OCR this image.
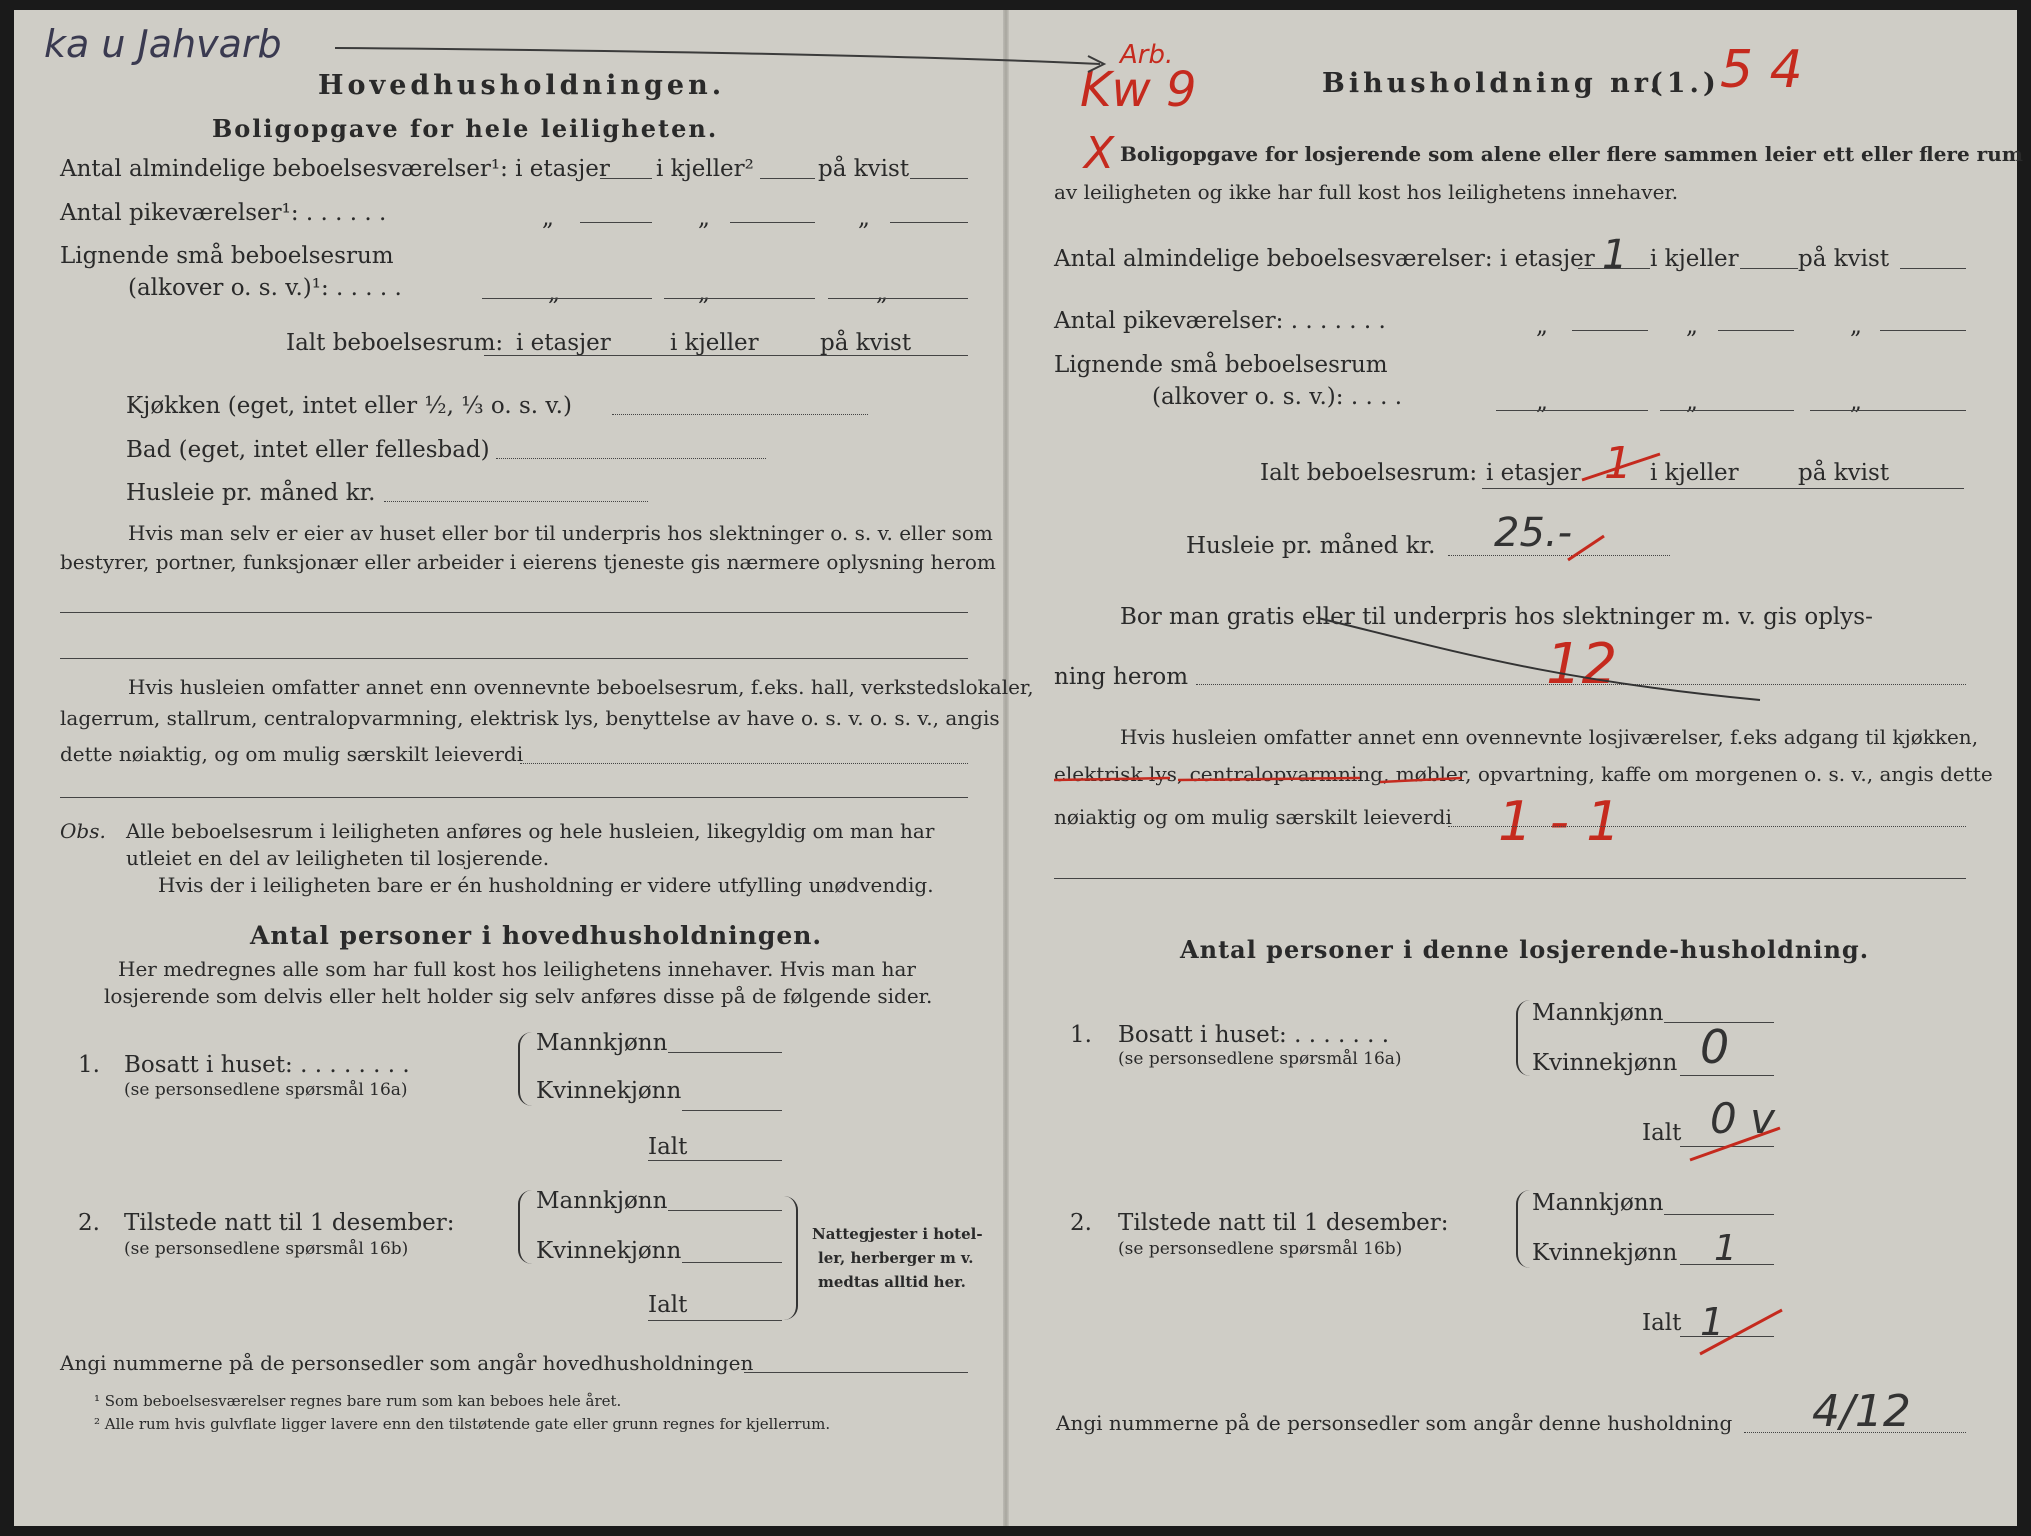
ka u Jahvarb
Hovedhusholdningen.
Boligopgave for hele leiligheten.
Antal almindelige beboelsesværelser¹: i etasjer i kjeller²	på kvist
Antal pikeværelser¹: . . . . . .	„	„	„
Lignende små beboelsesrum
(alkover o. s. v.)¹: . . . . .	„	„	„
Ialt beboelsesrum: i etasjer	i kjeller	på kvist
Kjøkken (eget, intet eller ½, ⅓ o. s. v.)
Bad (eget, intet eller fellesbad)
Husleie pr. måned kr.
Hvis man selv er eier av huset eller bor til underpris hos slektninger o. s. v. eller som
bestyrer, portner, funksjonær eller arbeider i eierens tjeneste gis nærmere oplysning herom
Hvis husleien omfatter annet enn ovennevnte beboelsesrum, f.eks. hall, verkstedslokaler,
lagerrum, stallrum, centralopvarmning, elektrisk lys, benyttelse av have o. s. v. o. s. v., angis
dette nøiaktig, og om mulig særskilt leieverdi
Obs. Alle beboelsesrum i leiligheten anføres og hele husleien, likegyldig om man har
utleiet en del av leiligheten til losjerende.
Hvis der i leiligheten bare er én husholdning er videre utfylling unødvendig.
Antal personer i hovedhusholdningen.
Her medregnes alle som har full kost hos leilighetens innehaver. Hvis man har
losjerende som delvis eller helt holder sig selv anføres disse på de følgende sider.
1. Bosatt i huset: . . . . . . . .
(se personsedlene spørsmål 16a)
Mannkjønn
Kvinnekjønn
Ialt
2. Tilstede natt til 1 desember:
(se personsedlene spørsmål 16b)
Mannkjønn
Kvinnekjønn
Ialt
Nattegjester i hotel-
ler, herberger m v.
medtas alltid her.
Angi nummerne på de personsedler som angår hovedhusholdningen
¹ Som beboelsesværelser regnes bare rum som kan beboes hele året.
² Alle rum hvis gulvflate ligger lavere enn den tilstøtende gate eller grunn regnes for kjellerrum.
Arb.
Kw 9	Bihusholdning nr.
(1.) 5 4
X Boligopgave for losjerende som alene eller flere sammen leier ett eller flere rum
av leiligheten og ikke har full kost hos leilighetens innehaver.
Antal almindelige beboelsesværelser: i etasjer 1 i kjeller	på kvist
Antal pikeværelser: . . . . . . .	„	„	„
Lignende små beboelsesrum
(alkover o. s. v.): . . . .	„	„	„
Ialt beboelsesrum: i etasjer 1 i kjeller	på kvist
Husleie pr. måned kr. 25.-
Bor man gratis eller til underpris hos slektninger m. v. gis oplys-
ning herom	12
Hvis husleien omfatter annet enn ovennevnte losjiværelser, f.eks adgang til kjøkken,
elektrisk lys, centralopvarmning, møbler, opvartning, kaffe om morgenen o. s. v., angis dette
nøiaktig og om mulig særskilt leieverdi 1 - 1
Antal personer i denne losjerende-husholdning.
1. Bosatt i huset: . . . . . . .
(se personsedlene spørsmål 16a)
Mannkjønn
Kvinnekjønn 0
Ialt 0 v
2. Tilstede natt til 1 desember:
(se personsedlene spørsmål 16b)
Mannkjønn
Kvinnekjønn 1
Ialt 1
Angi nummerne på de personsedler som angår denne husholdning 4/12
